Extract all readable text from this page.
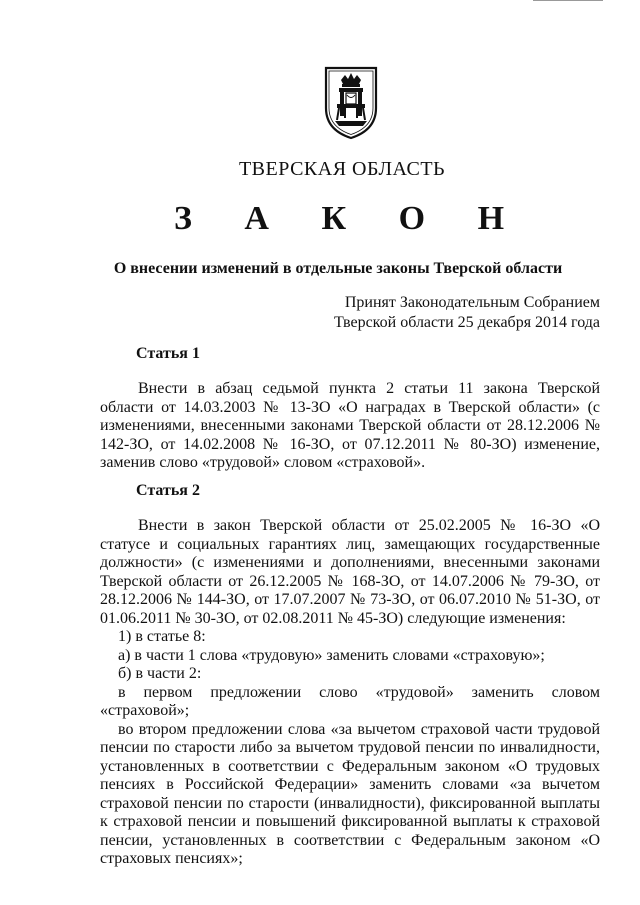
ТВЕРСКАЯ ОБЛАСТЬ
З А К О Н
О внесении изменений в отдельные законы Тверской области
Принят Законодательным Собранием
Тверской области 25 декабря 2014 года
Статья 1
Внести в абзац седьмой пункта 2 статьи 11 закона Тверской области от 14.03.2003 № 13-ЗО «О наградах в Тверской области» (с изменениями, внесенными законами Тверской области от 28.12.2006 № 142-ЗО, от 14.02.2008 № 16-ЗО, от 07.12.2011 № 80-ЗО) изменение, заменив слово «трудовой» словом «страховой».
Статья 2
Внести в закон Тверской области от 25.02.2005 № 16-ЗО «О статусе и социальных гарантиях лиц, замещающих государственные должности» (с изменениями и дополнениями, внесенными законами Тверской области от 26.12.2005 № 168-ЗО, от 14.07.2006 № 79-ЗО, от 28.12.2006 № 144-ЗО, от 17.07.2007 № 73-ЗО, от 06.07.2010 № 51-ЗО, от 01.06.2011 № 30-ЗО, от 02.08.2011 № 45-ЗО) следующие изменения:
1) в статье 8:
а) в части 1 слова «трудовую» заменить словами «страховую»;
б) в части 2:
в первом предложении слово «трудовой» заменить словом
«страховой»;
во втором предложении слова «за вычетом страховой части трудовой пенсии по старости либо за вычетом трудовой пенсии по инвалидности, установленных в соответствии с Федеральным законом «О трудовых пенсиях в Российской Федерации» заменить словами «за вычетом страховой пенсии по старости (инвалидности), фиксированной выплаты к страховой пенсии и повышений фиксированной выплаты к страховой пенсии, установленных в соответствии с Федеральным законом «О страховых пенсиях»;
